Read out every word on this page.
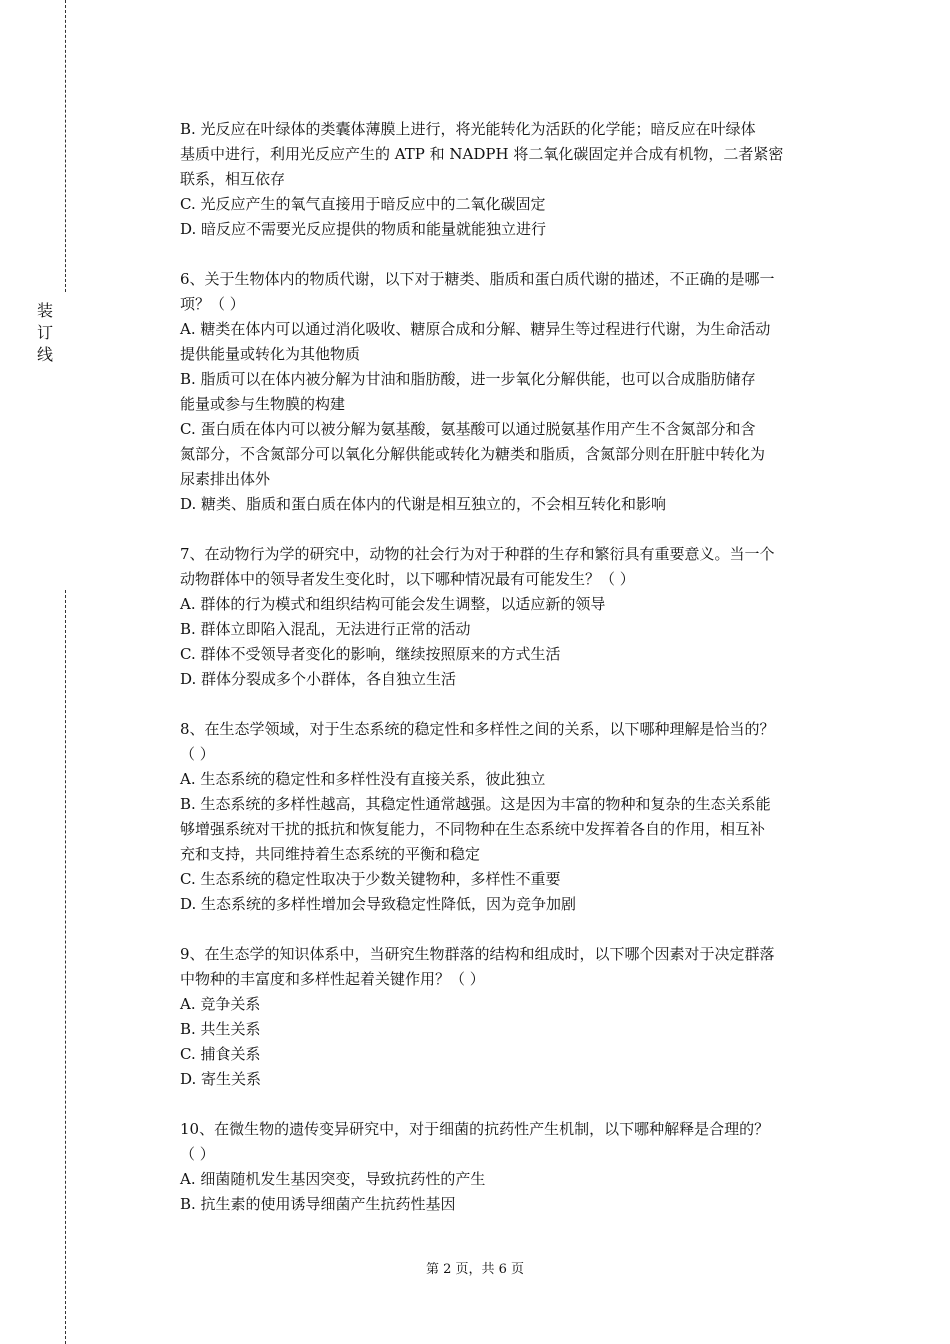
装
订
线
B. 光反应在叶绿体的类囊体薄膜上进行，将光能转化为活跃的化学能；暗反应在叶绿体
基质中进行，利用光反应产生的 ATP 和 NADPH 将二氧化碳固定并合成有机物，二者紧密
联系，相互依存
C. 光反应产生的氧气直接用于暗反应中的二氧化碳固定
D. 暗反应不需要光反应提供的物质和能量就能独立进行
6、关于生物体内的物质代谢，以下对于糖类、脂质和蛋白质代谢的描述，不正确的是哪一
项？（ ）
A. 糖类在体内可以通过消化吸收、糖原合成和分解、糖异生等过程进行代谢，为生命活动
提供能量或转化为其他物质
B. 脂质可以在体内被分解为甘油和脂肪酸，进一步氧化分解供能，也可以合成脂肪储存
能量或参与生物膜的构建
C. 蛋白质在体内可以被分解为氨基酸，氨基酸可以通过脱氨基作用产生不含氮部分和含
氮部分，不含氮部分可以氧化分解供能或转化为糖类和脂质，含氮部分则在肝脏中转化为
尿素排出体外
D. 糖类、脂质和蛋白质在体内的代谢是相互独立的，不会相互转化和影响
7、在动物行为学的研究中，动物的社会行为对于种群的生存和繁衍具有重要意义。当一个
动物群体中的领导者发生变化时，以下哪种情况最有可能发生？（ ）
A. 群体的行为模式和组织结构可能会发生调整，以适应新的领导
B. 群体立即陷入混乱，无法进行正常的活动
C. 群体不受领导者变化的影响，继续按照原来的方式生活
D. 群体分裂成多个小群体，各自独立生活
8、在生态学领域，对于生态系统的稳定性和多样性之间的关系，以下哪种理解是恰当的？
（ ）
A. 生态系统的稳定性和多样性没有直接关系，彼此独立
B. 生态系统的多样性越高，其稳定性通常越强。这是因为丰富的物种和复杂的生态关系能
够增强系统对干扰的抵抗和恢复能力，不同物种在生态系统中发挥着各自的作用，相互补
充和支持，共同维持着生态系统的平衡和稳定
C. 生态系统的稳定性取决于少数关键物种，多样性不重要
D. 生态系统的多样性增加会导致稳定性降低，因为竞争加剧
9、在生态学的知识体系中，当研究生物群落的结构和组成时，以下哪个因素对于决定群落
中物种的丰富度和多样性起着关键作用？（ ）
A. 竞争关系
B. 共生关系
C. 捕食关系
D. 寄生关系
10、在微生物的遗传变异研究中，对于细菌的抗药性产生机制，以下哪种解释是合理的？
（ ）
A. 细菌随机发生基因突变，导致抗药性的产生
B. 抗生素的使用诱导细菌产生抗药性基因
第 2 页，共 6 页
